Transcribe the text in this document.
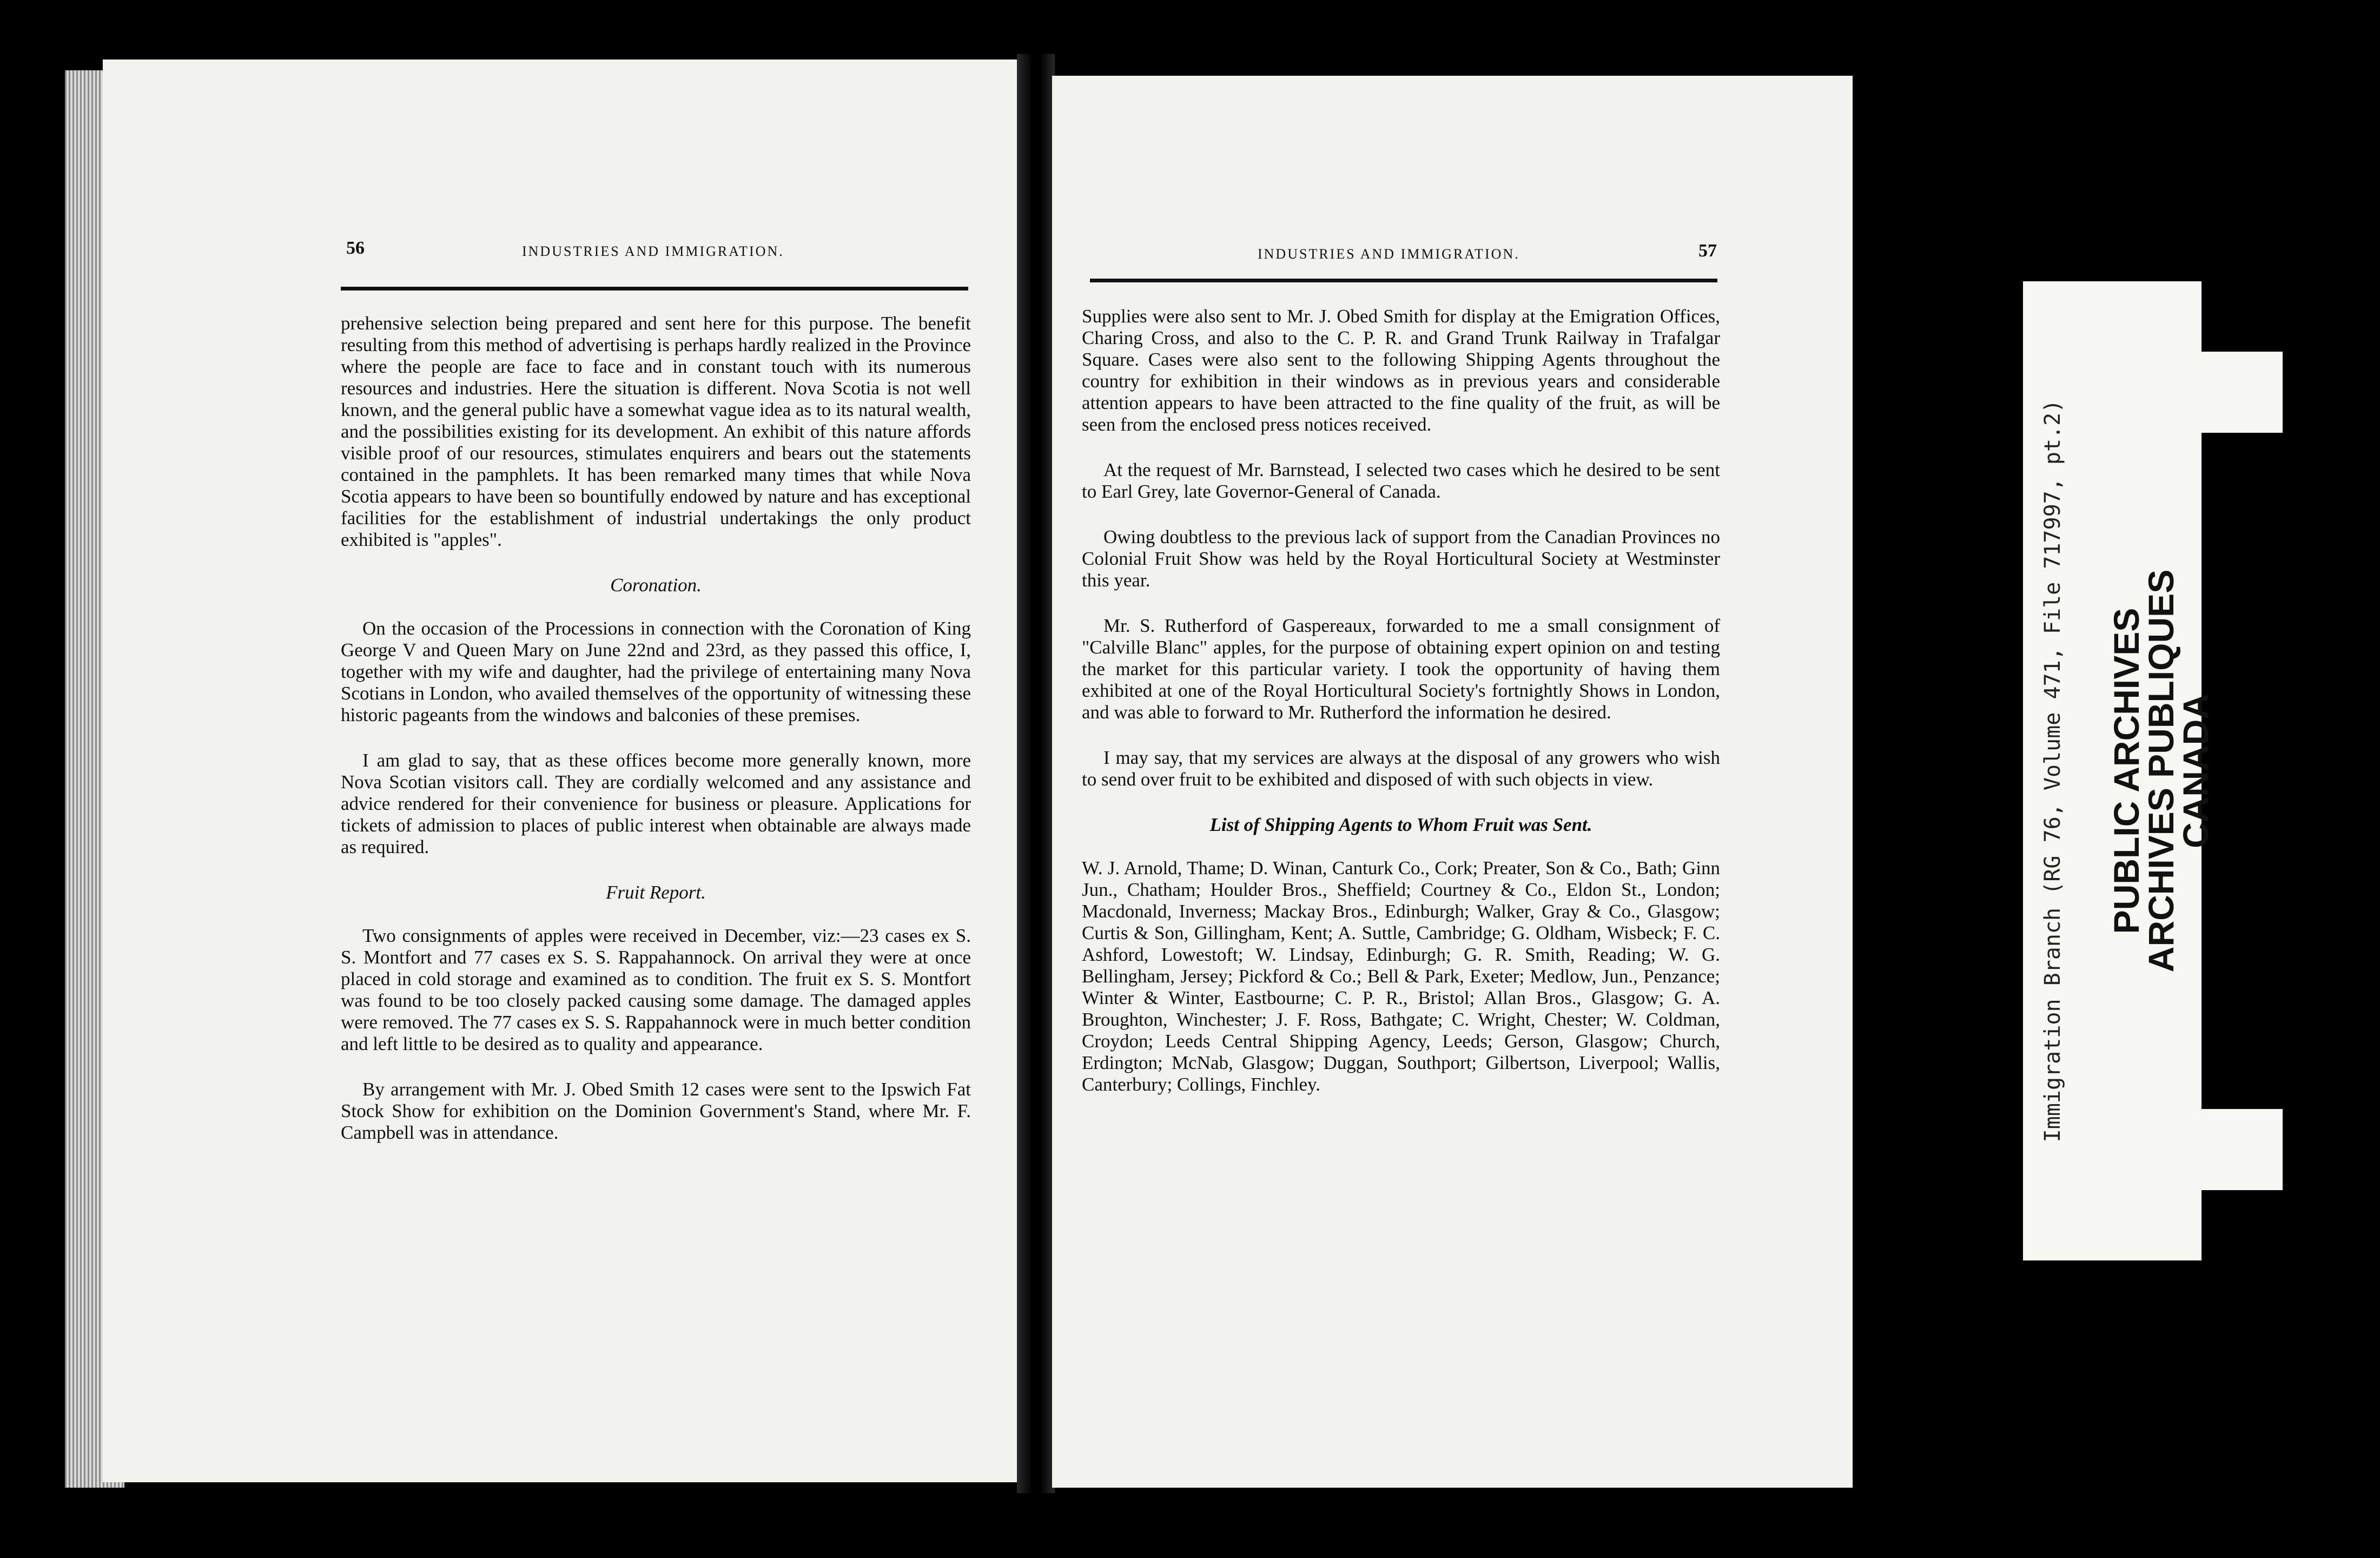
56	INDUSTRIES AND IMMIGRATION.

prehensive selection being prepared and sent here for this purpose. The benefit resulting from this method of advertising is perhaps hardly realized in the Province where the people are face to face and in constant touch with its numerous resources and industries. Here the situation is different. Nova Scotia is not well known, and the general public have a somewhat vague idea as to its natural wealth, and the possibilities existing for its development. An exhibit of this nature affords visible proof of our resources, stimulates enquirers and bears out the statements contained in the pamphlets. It has been remarked many times that while Nova Scotia appears to have been so bountifully endowed by nature and has exceptional facilities for the establishment of industrial undertakings the only product exhibited is "apples".

Coronation.

On the occasion of the Processions in connection with the Coronation of King George V and Queen Mary on June 22nd and 23rd, as they passed this office, I, together with my wife and daughter, had the privilege of entertaining many Nova Scotians in London, who availed themselves of the opportunity of witnessing these historic pageants from the windows and balconies of these premises.

I am glad to say, that as these offices become more generally known, more Nova Scotian visitors call. They are cordially welcomed and any assistance and advice rendered for their convenience for business or pleasure. Applications for tickets of admission to places of public interest when obtainable are always made as required.

Fruit Report.

Two consignments of apples were received in December, viz:—23 cases ex S. S. Montfort and 77 cases ex S. S. Rappahannock. On arrival they were at once placed in cold storage and examined as to condition. The fruit ex S. S. Montfort was found to be too closely packed causing some damage. The damaged apples were removed. The 77 cases ex S. S. Rappahannock were in much better condition and left little to be desired as to quality and appearance.

By arrangement with Mr. J. Obed Smith 12 cases were sent to the Ipswich Fat Stock Show for exhibition on the Dominion Government's Stand, where Mr. F. Campbell was in attendance.

INDUSTRIES AND IMMIGRATION.	57

Supplies were also sent to Mr. J. Obed Smith for display at the Emigration Offices, Charing Cross, and also to the C. P. R. and Grand Trunk Railway in Trafalgar Square. Cases were also sent to the following Shipping Agents throughout the country for exhibition in their windows as in previous years and considerable attention appears to have been attracted to the fine quality of the fruit, as will be seen from the enclosed press notices received.

At the request of Mr. Barnstead, I selected two cases which he desired to be sent to Earl Grey, late Governor-General of Canada.

Owing doubtless to the previous lack of support from the Canadian Provinces no Colonial Fruit Show was held by the Royal Horticultural Society at Westminster this year.

Mr. S. Rutherford of Gaspereaux, forwarded to me a small consignment of "Calville Blanc" apples, for the purpose of obtaining expert opinion on and testing the market for this particular variety. I took the opportunity of having them exhibited at one of the Royal Horticultural Society's fortnightly Shows in London, and was able to forward to Mr. Rutherford the information he desired.

I may say, that my services are always at the disposal of any growers who wish to send over fruit to be exhibited and disposed of with such objects in view.

List of Shipping Agents to Whom Fruit was Sent.

W. J. Arnold, Thame; D. Winan, Canturk Co., Cork; Preater, Son & Co., Bath; Ginn Jun., Chatham; Houlder Bros., Sheffield; Courtney & Co., Eldon St., London; Macdonald, Inverness; Mackay Bros., Edinburgh; Walker, Gray & Co., Glasgow; Curtis & Son, Gillingham, Kent; A. Suttle, Cambridge; G. Oldham, Wisbeck; F. C. Ashford, Lowestoft; W. Lindsay, Edinburgh; G. R. Smith, Reading; W. G. Bellingham, Jersey; Pickford & Co.; Bell & Park, Exeter; Medlow, Jun., Penzance; Winter & Winter, Eastbourne; C. P. R., Bristol; Allan Bros., Glasgow; G. A. Broughton, Winchester; J. F. Ross, Bathgate; C. Wright, Chester; W. Coldman, Croydon; Leeds Central Shipping Agency, Leeds; Gerson, Glasgow; Church, Erdington; McNab, Glasgow; Duggan, Southport; Gilbertson, Liverpool; Wallis, Canterbury; Collings, Finchley.

PUBLIC ARCHIVES
ARCHIVES PUBLIQUES
CANADA
Immigration Branch (RG 76, Volume 471, File 717997, pt.2)
